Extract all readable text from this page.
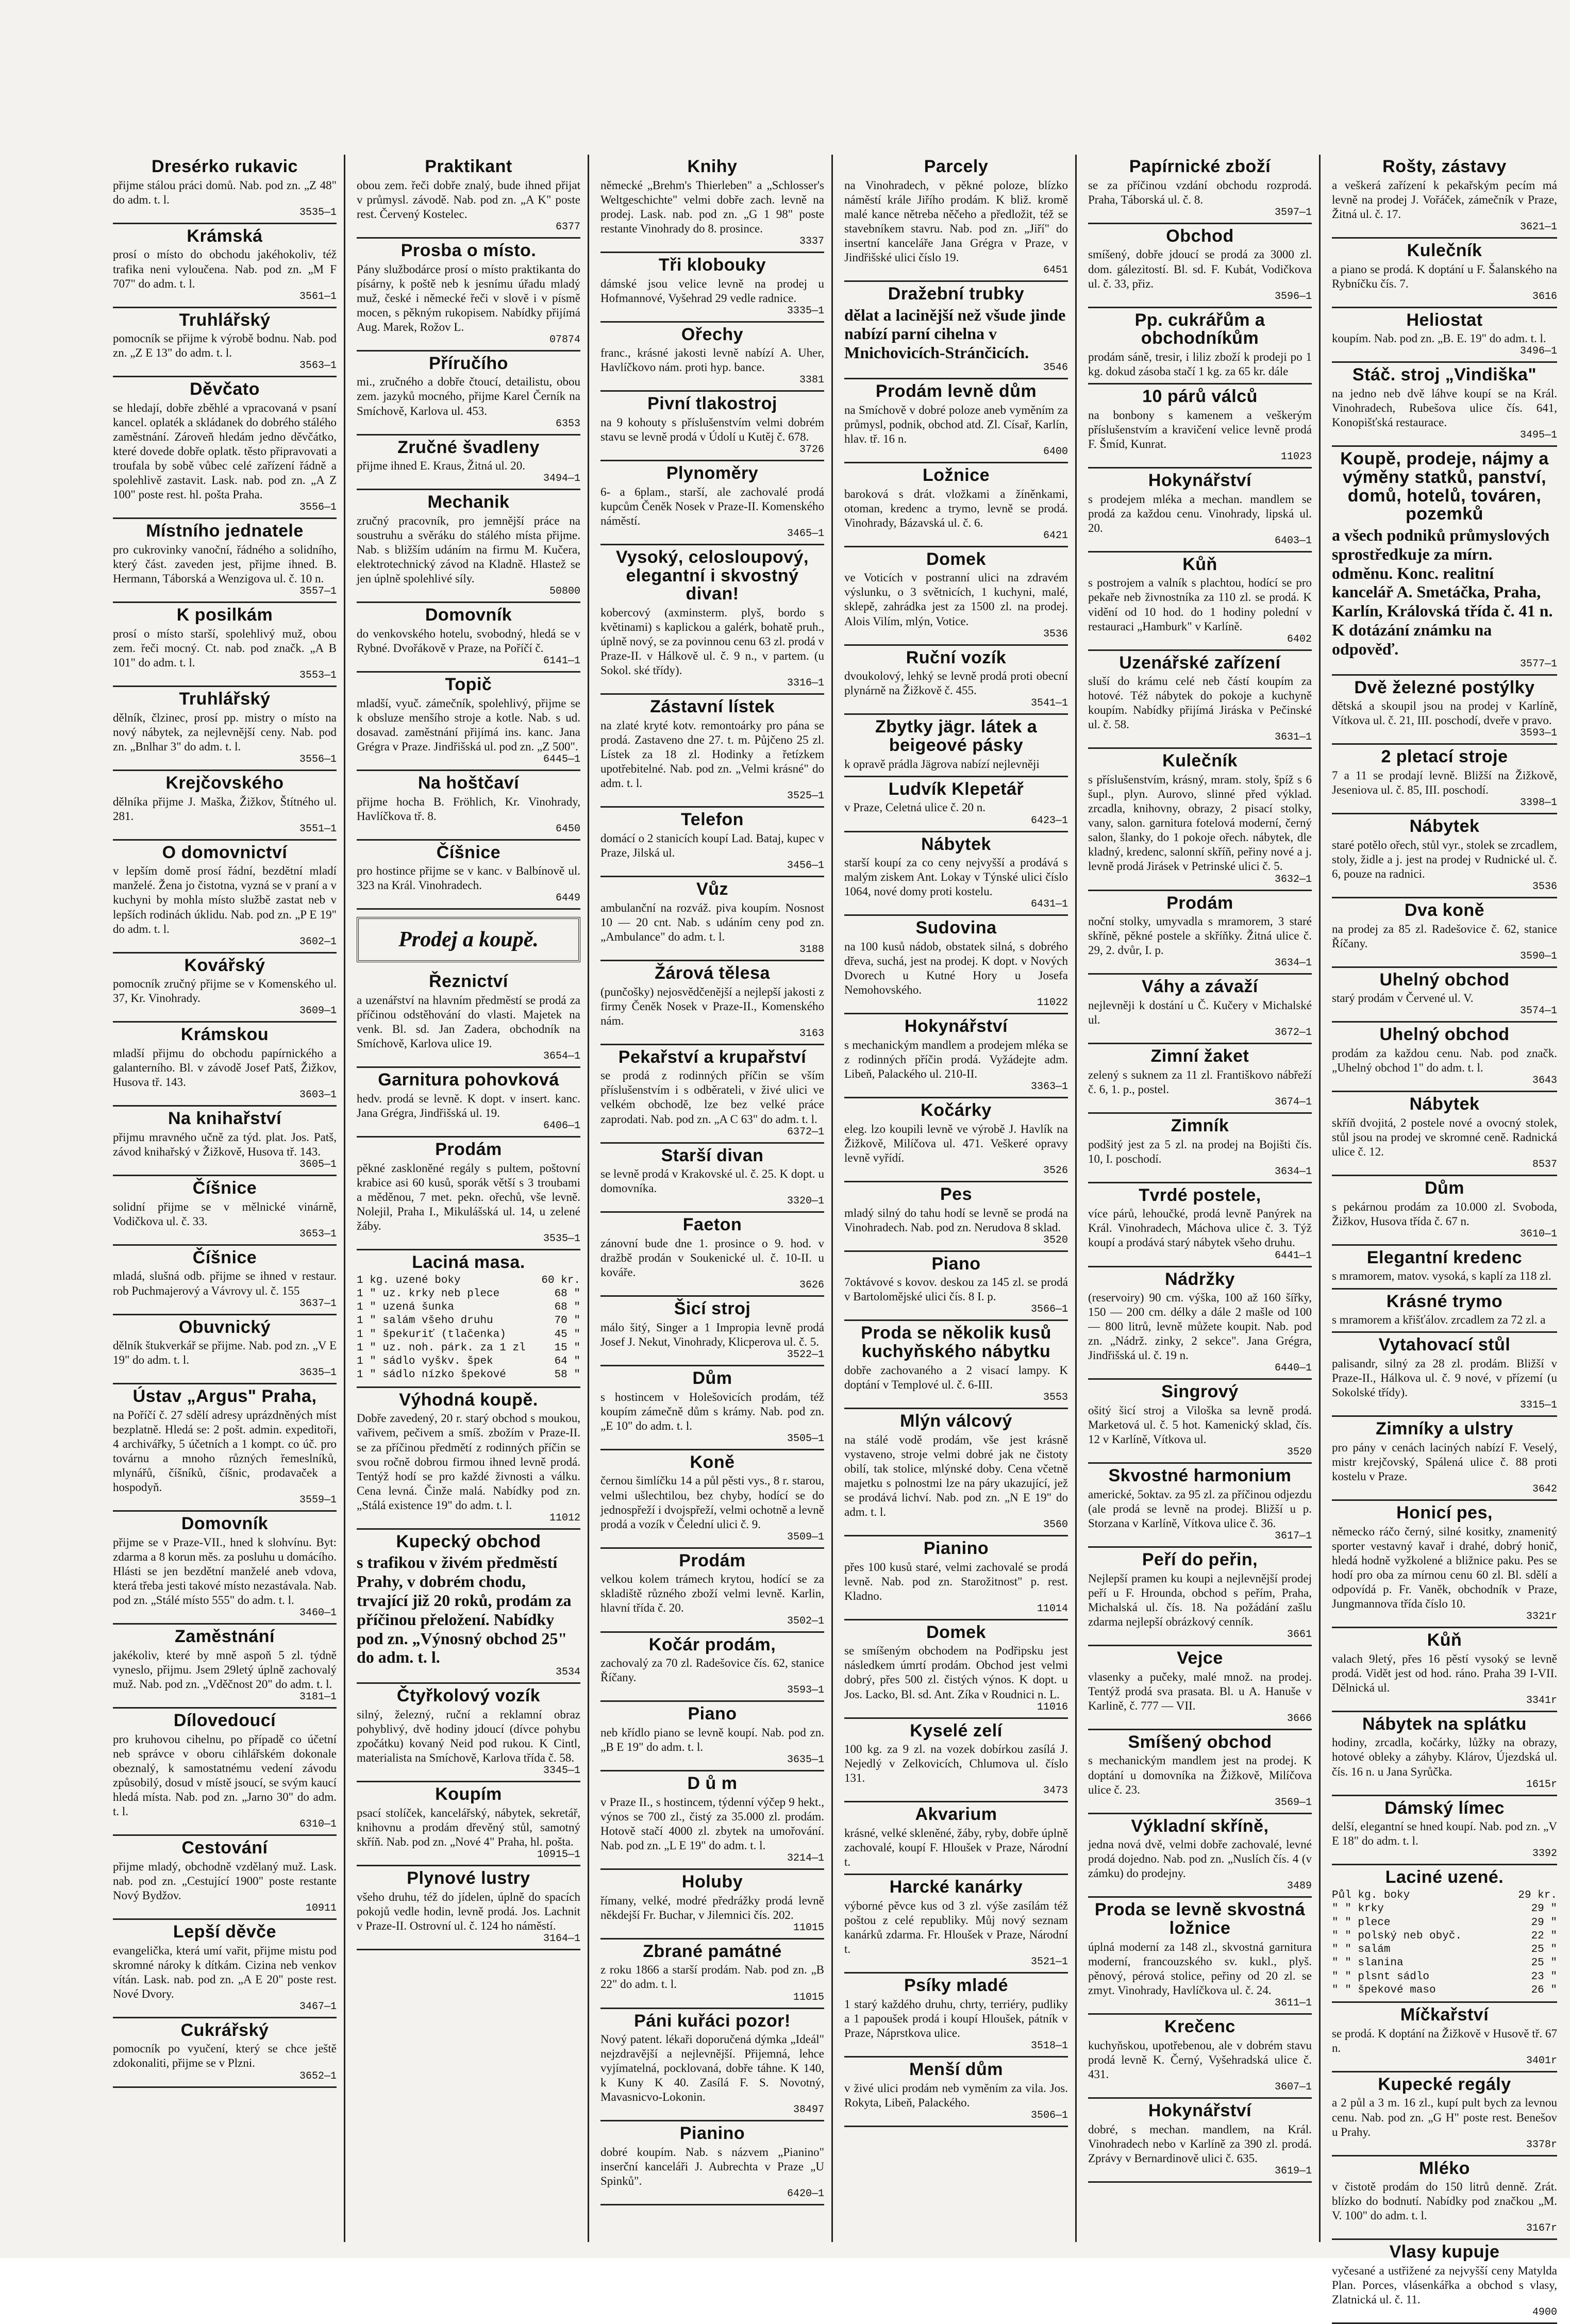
Dresérko rukavic

přijme stálou práci domů. Nab. pod zn. „Z 48" do adm. t. l.

3535—1
Krámská

prosí o místo do obchodu jakéhokoliv, též trafika neni vyloučena. Nab. pod zn. „M F 707" do adm. t. l.

3561—1
Truhlářský

pomocník se přijme k výrobě bodnu. Nab. pod zn. „Z E 13" do adm. t. l.

3563—1
Děvčato

se hledají, dobře zběhlé a vpracovaná v psaní kancel. oplaték a skládanek do dobrého stálého zaměstnání. Zároveň hledám jedno děvčátko, které dovede dobře oplatk. těsto připravovati a troufala by sobě vůbec celé zařízení řádně a spolehlivě zastavit. Lask. nab. pod zn. „A Z 100" poste rest. hl. pošta Praha.

3556—1
Místního jednatele

pro cukrovinky vanoční, řádného a solidního, který část. zaveden jest, přijme ihned. B. Hermann, Táborská a Wenzigova ul. č. 10 n.

3557—1
K posilkám

prosí o místo starší, spolehlivý muž, obou zem. řeči mocný. Ct. nab. pod značk. „A B 101" do adm. t. l.

3553—1
Truhlářský

dělník, člzinec, prosí pp. mistry o místo na nový nábytek, za nejlevnější ceny. Nab. pod zn. „Bnlhar 3" do adm. t. l.

3556—1
Krejčovského

dělníka přijme J. Maška, Žižkov, Štítného ul. 281.

3551—1
O domovnictví

v lepším domě prosí řádní, bezdětní mladí manželé. Žena jo čistotna, vyzná se v praní a v kuchyni by mohla místo službě zastat neb v lepších rodinách úklidu. Nab. pod zn. „P E 19" do adm. t. l.

3602—1
Kovářský

pomocník zručný přijme se v Komenského ul. 37, Kr. Vinohrady.

3609—1
Krámskou

mladší přijmu do obchodu papírnického a galanterního. Bl. v závodě Josef Patš, Žižkov, Husova tř. 143.

3603—1
Na knihařství

přijmu mravného učně za týd. plat. Jos. Patš, závod knihařský v Žižkově, Husova tř. 143.

3605—1
Číšnice

solidní přijme se v mělnické vinárně, Vodičkova ul. č. 33.

3653—1
Číšnice

mladá, slušná odb. přijme se ihned v restaur. rob Puchmajerový a Vávrovy ul. č. 155

3637—1
Obuvnický

dělník štukverkář se přijme. Nab. pod zn. „V E 19" do adm. t. l.

3635—1
Ústav „Argus" Praha,

na Poříčí č. 27 sdělí adresy uprázdněných míst bezplatně. Hledá se: 2 pošt. admin. expeditoři, 4 archivářky, 5 účetních a 1 kompt. co úč. pro továrnu a mnoho různých řemeslníků, mlynářů, číšníků, číšnic, prodavaček a hospodyň.

3559—1
Domovník

přijme se v Praze-VII., hned k slohvínu. Byt: zdarma a 8 korun měs. za posluhu u domácího. Hlásti se jen bezdětní manželé aneb vdova, která třeba jesti takové místo nezastávala. Nab. pod zn. „Stálé místo 555" do adm. t. l.

3460—1
Zaměstnání

jakékoliv, které by mně aspoň 5 zl. týdně vyneslo, přijmu. Jsem 29letý úplně zachovalý muž. Nab. pod zn. „Vděčnost 20" do adm. t. l.

3181—1
Dílovedoucí

pro kruhovou cihelnu, po případě co účetní neb správce v oboru cihlářském dokonale obeznalý, k samostatnému vedení závodu způsobilý, dosud v místě jsoucí, se svým kaucí hledá místa. Nab. pod zn. „Jarno 30" do adm. t. l.

6310—1
Cestování

přijme mladý, obchodně vzdělaný muž. Lask. nab. pod zn. „Cestující 1900" poste restante Nový Bydžov.

10911
Lepší děvče

evangelička, která umí vařit, přijme mistu pod skromné nároky k dítkám. Cizina neb venkov vítán. Lask. nab. pod zn. „A E 20" poste rest. Nové Dvory.

3467—1
Cukrářský

pomocník po vyučení, který se chce ještě zdokonaliti, přijme se v Plzni.

3652—1
Praktikant

obou zem. řeči dobře znalý, bude ihned přijat v průmysl. závodě. Nab. pod zn. „A K" poste rest. Červený Kostelec.

6377
Prosba o místo.

Pány službodárce prosí o místo praktikanta do písárny, k poště neb k jesnímu úřadu mladý muž, české i německé řeči v slově i v písmě mocen, s pěkným rukopisem. Nabídky přijímá Aug. Marek, Rožov L.

07874
Příručího

mi., zručného a dobře čtoucí, detailistu, obou zem. jazyků mocného, přijme Karel Černík na Smíchově, Karlova ul. 453.

6353
Zručné švadleny

přijme ihned E. Kraus, Žitná ul. 20.

3494—1
Mechanik

zručný pracovník, pro jemnější práce na soustruhu a svěráku do stálého místa přijme. Nab. s bližším udáním na firmu M. Kučera, elektrotechnický závod na Kladně. Hlastež se jen úplně spolehlivé síly.

50800
Domovník

do venkovského hotelu, svobodný, hledá se v Rybné. Dvořákově v Praze, na Poříčí č.

6141—1
Topič

mladší, vyuč. zámečník, spolehlivý, přijme se k obsluze menšího stroje a kotle. Nab. s ud. dosavad. zaměstnání přijímá ins. kanc. Jana Grégra v Praze. Jindřišská ul. pod zn. „Z 500".

6445—1
Na hoštčaví

přijme hocha B. Fröhlich, Kr. Vinohrady, Havlíčkova tř. 8.

6450
Číšnice

pro hostince přijme se v kanc. v Balbínově ul. 323 na Král. Vinohradech.

6449
Prodej a koupě.
Řeznictví

a uzenářství na hlavním předměstí se prodá za příčinou odstěhování do vlasti. Majetek na venk. Bl. sd. Jan Zadera, obchodník na Smíchově, Karlova ulice 19.

3654—1
Garnitura pohovková

hedv. prodá se levně. K dopt. v insert. kanc. Jana Grégra, Jindřišská ul. 19.

6406—1
Prodám

pěkné zaskloněné regály s pultem, poštovní krabice asi 60 kusů, sporák větší s 3 troubami a měděnou, 7 met. pekn. ořechů, vše levně. Nolejil, Praha I., Mikulášská ul. 14, u zelené žáby.

3535—1
Laciná masa.
1 kg. uzené boky	60 kr.
1 " uz. krky neb plece	68 "
1 " uzená šunka	68 "
1 " salám všeho druhu	70 "
1 " špekuriť (tlačenka)	45 "
1 " uz. noh. párk. za 1 zl	15 "
1 " sádlo vyškv. špek	64 "
1 " sádlo nízko špekové	58 "
Výhodná koupě.

Dobře zavedený, 20 r. starý obchod s moukou, vařivem, pečivem a smíš. zbožím v Praze-II. se za příčinou předmětí z rodinných příčin se svou ročně dobrou firmou ihned levně prodá. Tentýž hodí se pro každé živnosti a válku. Cena levná. Činže malá. Nabídky pod zn. „Stálá existence 19" do adm. t. l.

11012
Kupecký obchod

s trafikou v živém předměstí Prahy, v dobrém chodu, trvající již 20 roků, prodám za příčinou přeložení. Nabídky pod zn. „Výnosný obchod 25" do adm. t. l.

3534
Čtyřkolový vozík

silný, železný, ruční a reklamní obraz pohyblivý, dvě hodiny jdoucí (dívce pohybu zpočátku) kovaný Neid pod rukou. K Cintl, materialista na Smíchově, Karlova třída č. 58.

3345—1
Koupím

psací stolíček, kancelářský, nábytek, sekretář, knihovnu a prodám dřevěný stůl, samotný skříň. Nab. pod zn. „Nové 4" Praha, hl. pošta.

10915—1
Plynové lustry

všeho druhu, též do jídelen, úplně do spacích pokojů vedle hodin, levně prodá. Jos. Lachnit v Praze-II. Ostrovní ul. č. 124 ho náměstí.

3164—1
Knihy

německé „Brehm's Thierleben" a „Schlosser's Weltgeschichte" velmi dobře zach. levně na prodej. Lask. nab. pod zn. „G 1 98" poste restante Vinohrady do 8. prosince.

3337
Tři klobouky

dámské jsou velice levně na prodej u Hofmannové, Vyšehrad 29 vedle radnice.

3335—1
Ořechy

franc., krásné jakosti levně nabízí A. Uher, Havlíčkovo nám. proti hyp. bance.

3381
Pivní tlakostroj

na 9 kohouty s příslušenstvím velmi dobrém stavu se levně prodá v Údolí u Kutěj č. 678.

3726
Plynoměry

6- a 6plam., starší, ale zachovalé prodá kupcům Čeněk Nosek v Praze-II. Komenského náměstí.

3465—1
Vysoký, celosloupový, elegantní i skvostný divan!

kobercový (axminsterm. plyš, bordo s květinami) s kaplickou a galérk, bohatě pruh., úplně nový, se za povinnou cenu 63 zl. prodá v Praze-II. v Hálkově ul. č. 9 n., v partem. (u Sokol. ské třídy).

3316—1
Zástavní lístek

na zlaté kryté kotv. remontoárky pro pána se prodá. Zastaveno dne 27. t. m. Půjčeno 25 zl. Lístek za 18 zl. Hodinky a řetízkem upotřebitelné. Nab. pod zn. „Velmi krásné" do adm. t. l.

3525—1
Telefon

domácí o 2 stanicích koupí Lad. Bataj, kupec v Praze, Jilská ul.

3456—1
Vůz

ambulanční na rozváž. piva koupím. Nosnost 10 — 20 cnt. Nab. s udáním ceny pod zn. „Ambulance" do adm. t. l.

3188
Žárová tělesa

(punčošky) nejosvědčenější a nejlepší jakosti z firmy Čeněk Nosek v Praze-II., Komenského nám.

3163
Pekařství a krupařství

se prodá z rodinných příčin se vším příslušenstvím i s odběrateli, v živé ulici ve velkém obchodě, lze bez velké práce zaprodati. Nab. pod zn. „A C 63" do adm. t. l.

6372—1
Starší divan

se levně prodá v Krakovské ul. č. 25. K dopt. u domovníka.

3320—1
Faeton

zánovní bude dne 1. prosince o 9. hod. v dražbě prodán v Soukenické ul. č. 10-II. u kováře.

3626
Šicí stroj

málo šitý, Singer a 1 Impropia levně prodá Josef J. Nekut, Vinohrady, Klicperova ul. č. 5.

3522—1
Dům

s hostincem v Holešovicích prodám, též koupím zámečně dům s krámy. Nab. pod zn. „E 10" do adm. t. l.

3505—1
Koně

černou šimlíčku 14 a půl pěsti vys., 8 r. starou, velmi ušlechtilou, bez chyby, hodící se do jednospřeží i dvojspřeží, velmi ochotně a levně prodá a vozík v Čelední ulici č. 9.

3509—1
Prodám

velkou kolem trámech krytou, hodící se za skladiště různého zboží velmi levně. Karlin, hlavní třída č. 20.

3502—1
Kočár prodám,

zachovalý za 70 zl. Radešovice čís. 62, stanice Říčany.

3593—1
Piano

neb křídlo piano se levně koupí. Nab. pod zn. „B E 19" do adm. t. l.

3635—1
D ů m

v Praze II., s hostincem, týdenní výčep 9 hekt., výnos se 700 zl., čistý za 35.000 zl. prodám. Hotově stačí 4000 zl. zbytek na umořování. Nab. pod zn. „L E 19" do adm. t. l.

3214—1
Holuby

římany, velké, modré předrážky prodá levně někdejší Fr. Buchar, v Jilemnici čís. 202.

11015
Zbrané památné

z roku 1866 a starší prodám. Nab. pod zn. „B 22" do adm. t. l.

11015
Páni kuřáci pozor!

Nový patent. lékaři doporučená dýmka „Ideál" nejzdravější a nejlevnější. Přijemná, lehce vyjímatelná, pocklovaná, dobře táhne. K 140, k Kuny K 40. Zasílá F. S. Novotný, Mavasnicvo-Lokonin.

38497
Pianino

dobré koupím. Nab. s názvem „Pianino" inserční kanceláři J. Aubrechta v Praze „U Spinků".

6420—1
Parcely

na Vinohradech, v pěkné poloze, blízko náměstí krále Jiřího prodám. K bliž. kromě malé kance nětreba něčeho a předložit, též se stavebníkem stavru. Nab. pod zn. „Jiří" do insertní kanceláře Jana Grégra v Praze, v Jindřišské ulici číslo 19.

6451
Dražební trubky

dělat a lacinější než všude jinde nabízí parní cihelna v Mnichovicích-Stránčicích.

3546
Prodám levně dům

na Smíchově v dobré poloze aneb vyměním za průmysl, podnik, obchod atd. Zl. Císař, Karlín, hlav. tř. 16 n.

6400
Ložnice

baroková s drát. vložkami a žíněnkami, otoman, kredenc a trymo, levně se prodá. Vinohrady, Bázavská ul. č. 6.

6421
Domek

ve Voticích v postranní ulici na zdravém výslunku, o 3 světnicích, 1 kuchyni, malé, sklepě, zahrádka jest za 1500 zl. na prodej. Alois Vilím, mlýn, Votice.

3536
Ruční vozík

dvoukolový, lehký se levně prodá proti obecní plynárně na Žižkově č. 455.

3541—1
Zbytky jägr. látek a beigeové pásky

k opravě prádla Jägrova nabízí nejlevněji

Ludvík Klepetář

v Praze, Celetná ulice č. 20 n.

6423—1
Nábytek

starší koupí za co ceny nejvyšší a prodává s malým ziskem Ant. Lokay v Týnské ulici číslo 1064, nové domy proti kostelu.

6431—1
Sudovina

na 100 kusů nádob, obstatek silná, s dobrého dřeva, suchá, jest na prodej. K dopt. v Nových Dvorech u Kutné Hory u Josefa Nemohovského.

11022
Hokynářství

s mechanickým mandlem a prodejem mléka se z rodinných příčin prodá. Vyžádejte adm. Libeň, Palackého ul. 210-II.

3363—1
Kočárky

eleg. lzo koupili levně ve výrobě J. Havlík na Žižkově, Milíčova ul. 471. Veškeré opravy levně vyřídí.

3526
Pes

mladý silný do tahu hodí se levně se prodá na Vinohradech. Nab. pod zn. Nerudova 8 sklad.

3520
Piano

7oktávové s kovov. deskou za 145 zl. se prodá v Bartolomějské ulici čís. 8 I. p.

3566—1
Proda se několik kusů kuchyňského nábytku

dobře zachovaného a 2 visací lampy. K doptání v Templové ul. č. 6-III.

3553
Mlýn válcový

na stálé vodě prodám, vše jest krásně vystaveno, stroje velmi dobré jak ne čistoty obilí, tak stolice, mlýnské doby. Cena včetně majetku s polnostmi lze na páry ukazující, jež se prodává lichví. Nab. pod zn. „N E 19" do adm. t. l.

3560
Pianino

přes 100 kusů staré, velmi zachovalé se prodá levně. Nab. pod zn. Starožitnost" p. rest. Kladno.

11014
Domek

se smíšeným obchodem na Podřipsku jest následkem úmrtí prodám. Obchod jest velmi dobrý, přes 500 zl. čistých výnos. K dopt. u Jos. Lacko, Bl. sd. Ant. Zíka v Roudnici n. L.

11016
Kyselé zelí

100 kg. za 9 zl. na vozek dobírkou zasílá J. Nejedlý v Zelkovicích, Chlumova ul. číslo 131.

3473
Akvarium

krásné, velké skleněné, žáby, ryby, dobře úplně zachovalé, koupí F. Hloušek v Praze, Národní t.

Harcké kanárky

výborné pěvce kus od 3 zl. výše zasílám též poštou z celé republiky. Můj nový seznam kanárků zdarma. Fr. Hloušek v Praze, Národní t.

3521—1
Psíky mladé

1 starý každého druhu, chrty, terriéry, pudliky a 1 papoušek prodá i koupí Hloušek, pátník v Praze, Náprstkova ulice.

3518—1
Menší dům

v živé ulici prodám neb vyměním za vila. Jos. Rokyta, Libeň, Palackého.

3506—1
Papírnické zboží

se za příčinou vzdání obchodu rozprodá. Praha, Táborská ul. č. 8.

3597—1
Obchod

smíšený, dobře jdoucí se prodá za 3000 zl. dom. gálezitostí. Bl. sd. F. Kubát, Vodičkova ul. č. 33, přiz.

3596—1
Pp. cukrářům a obchodníkům

prodám sáně, tresir, i liliz zboží k prodeji po 1 kg. dokud zásoba stačí 1 kg. za 65 kr. dále

10 párů válců

na bonbony s kamenem a veškerým příslušenstvím a kravičení velice levně prodá F. Šmíd, Kunrat.

11023
Hokynářství

s prodejem mléka a mechan. mandlem se prodá za každou cenu. Vinohrady, lipská ul. 20.

6403—1
Kůň

s postrojem a valník s plachtou, hodící se pro pekaře neb živnostníka za 110 zl. se prodá. K vidění od 10 hod. do 1 hodiny polední v restauraci „Hamburk" v Karlíně.

6402
Uzenářské zařízení

sluší do krámu celé neb částí koupím za hotové. Též nábytek do pokoje a kuchyně koupím. Nabídky přijímá Jiráska v Pečinské ul. č. 58.

3631—1
Kulečník

s příslušenstvím, krásný, mram. stoly, špíž s 6 šupl., plyn. Aurovo, slinné před výklad. zrcadla, knihovny, obrazy, 2 pisací stolky, vany, salon. garnitura fotelová moderní, černý salon, šlanky, do 1 pokoje ořech. nábytek, dle kladný, kredenc, salonní skříň, peřiny nové a j. levně prodá Jirásek v Petrinské ulici č. 5.

3632—1
Prodám

noční stolky, umyvadla s mramorem, 3 staré skříně, pěkné postele a skříňky. Žitná ulice č. 29, 2. dvůr, I. p.

3634—1
Váhy a závaží

nejlevněji k dostání u Č. Kučery v Michalské ul.

3672—1
Zimní žaket

zelený s suknem za 11 zl. Františkovo nábřeží č. 6, 1. p., postel.

3674—1
Zimník

podšitý jest za 5 zl. na prodej na Bojišti čís. 10, I. poschodí.

3634—1
Tvrdé postele,

více párů, lehoučké, prodá levně Panýrek na Král. Vinohradech, Máchova ulice č. 3. Týž koupí a prodává starý nábytek všeho druhu.

6441—1
Nádržky

(reservoiry) 90 cm. výška, 100 až 160 šířky, 150 — 200 cm. délky a dále 2 mašle od 100 — 800 litrů, levně můžete koupit. Nab. pod zn. „Nádrž. zinky, 2 sekce". Jana Grégra, Jindřišská ul. č. 19 n.

6440—1
Singrový

ošitý šicí stroj a Viloška sa levně prodá. Marketová ul. č. 5 hot. Kamenický sklad, čís. 12 v Karlíně, Vítkova ul.

3520
Skvostné harmonium

americké, 5oktav. za 95 zl. za příčinou odjezdu (ale prodá se levně na prodej. Bližší u p. Storzana v Karlíně, Vítkova ulice č. 36.

3617—1
Peří do peřin,

Nejlepší pramen ku koupi a nejlevnější prodej peří u F. Hrounda, obchod s peřím, Praha, Michalská ul. čís. 18. Na požádání zašlu zdarma nejlepší obrázkový cenník.

3661
Vejce

vlasenky a pučeky, malé množ. na prodej. Tentýž prodá sva prasata. Bl. u A. Hanuše v Karlině, č. 777 — VII.

3666
Smíšený obchod

s mechanickým mandlem jest na prodej. K doptání u domovníka na Žižkově, Milíčova ulice č. 23.

3569—1
Výkladní skříně,

jedna nová dvě, velmi dobře zachovalé, levné prodá dojedno. Nab. pod zn. „Nuslích čís. 4 (v zámku) do prodejny.

3489
Proda se levně skvostná ložnice

úplná moderní za 148 zl., skvostná garnitura moderní, francouzského sv. kukl., plyš. pěnový, pérová stolice, peřiny od 20 zl. se zmyt. Vinohrady, Havlíčkova ul. č. 24.

3611—1
Krečenc

kuchyňskou, upotřebenou, ale v dobrém stavu prodá levně K. Černý, Vyšehradská ulice č. 431.

3607—1
Hokynářství

dobré, s mechan. mandlem, na Král. Vinohradech nebo v Karlíně za 390 zl. prodá. Zprávy v Bernardinově ulici č. 635.

3619—1
Rošty, zástavy

a veškerá zařízení k pekařským pecím má levně na prodej J. Vořáček, zámečník v Praze, Žitná ul. č. 17.

3621—1
Kulečník

a piano se prodá. K doptání u F. Šalanského na Rybníčku čís. 7.

3616
Heliostat

koupím. Nab. pod zn. „B. E. 19" do adm. t. l.

3496—1
Stáč. stroj „Vindiška"

na jedno neb dvě láhve koupí se na Král. Vinohradech, Rubešova ulice čís. 641, Konopišťská restaurace.

3495—1
Koupě, prodeje, nájmy a výměny statků, panství, domů, hotelů, továren, pozemků

a všech podniků průmyslových sprostředkuje za mírn. odměnu. Konc. realitní kancelář A. Smetáčka, Praha, Karlín, Královská třída č. 41 n. K dotázání známku na odpověď.

3577—1
Dvě železné postýlky

dětská a skoupil jsou na prodej v Karlíně, Vítkova ul. č. 21, III. poschodí, dveře v pravo.

3593—1
2 pletací stroje

7 a 11 se prodají levně. Bližší na Žižkově, Jeseniova ul. č. 85, III. poschodí.

3398—1
Nábytek

staré potělo ořech, stůl vyr., stolek se zrcadlem, stoly, židle a j. jest na prodej v Rudnické ul. č. 6, pouze na radnici.

3536
Dva koně

na prodej za 85 zl. Radešovice č. 62, stanice Říčany.

3590—1
Uhelný obchod

starý prodám v Červené ul. V.

3574—1
Uhelný obchod

prodám za každou cenu. Nab. pod značk. „Uhelný obchod 1" do adm. t. l.

3643
Nábytek

skříň dvojitá, 2 postele nové a ovocný stolek, stůl jsou na prodej ve skromné ceně. Radnická ulice č. 12.

8537
Dům

s pekárnou prodám za 10.000 zl. Svoboda, Žižkov, Husova třída č. 67 n.

3610—1
Elegantní kredenc

s mramorem, matov. vysoká, s kaplí za 118 zl.

Krásné trymo

s mramorem a křišťálov. zrcadlem za 72 zl. a

Vytahovací stůl

palisandr, silný za 28 zl. prodám. Bližší v Praze-II., Hálkova ul. č. 9 nové, v přízemí (u Sokolské třídy).

3315—1
Zimníky a ulstry

pro pány v cenách laciných nabízí F. Veselý, mistr krejčovský, Spálená ulice č. 88 proti kostelu v Praze.

3642
Honicí pes,

německo ráčo černý, silné kositky, znamenitý sporter vestavný kavař i drahé, dobrý honič, hledá hodně vyžkolené a bližnice paku. Pes se hodí pro oba za mírnou cenu 60 zl. Bl. sdělí a odpovídá p. Fr. Vaněk, obchodník v Praze, Jungmannova třída číslo 10.

3321r
Kůň

valach 9letý, přes 16 pěstí vysoký se levně prodá. Vidět jest od hod. ráno. Praha 39 I-VII. Dělnická ul.

3341r
Nábytek na splátku

hodiny, zrcadla, kočárky, lůžky na obrazy, hotové obleky a záhyby. Klárov, Újezdská ul. čís. 16 n. u Jana Syrůčka.

1615r
Dámský límec

delší, elegantní se hned koupí. Nab. pod zn. „V E 18" do adm. t. l.

3392
Laciné uzené.
Půl kg. boky	29 kr.
" " krky	29 "
" " plece	29 "
" " polský neb obyč.	22 "
" " salám	25 "
" " slanina	25 "
" " plsnt sádlo	23 "
" " špekové maso	26 "
Míčkařství

se prodá. K doptání na Žižkově v Husově tř. 67 n.

3401r
Kupecké regály

a 2 půl a 3 m. 16 zl., kupí pult bych za levnou cenu. Nab. pod zn. „G H" poste rest. Benešov u Prahy.

3378r
Mléko

v čistotě prodám do 150 litrů denně. Zrát. blízko do bodnutí. Nabídky pod značkou „M. V. 100" do adm. t. l.

3167r
Vlasy kupuje

vyčesané a ustřižené za nejvyšší ceny Matylda Plan. Porces, vlásenkářka a obchod s vlasy, Zlatnická ul. č. 11.

4900
